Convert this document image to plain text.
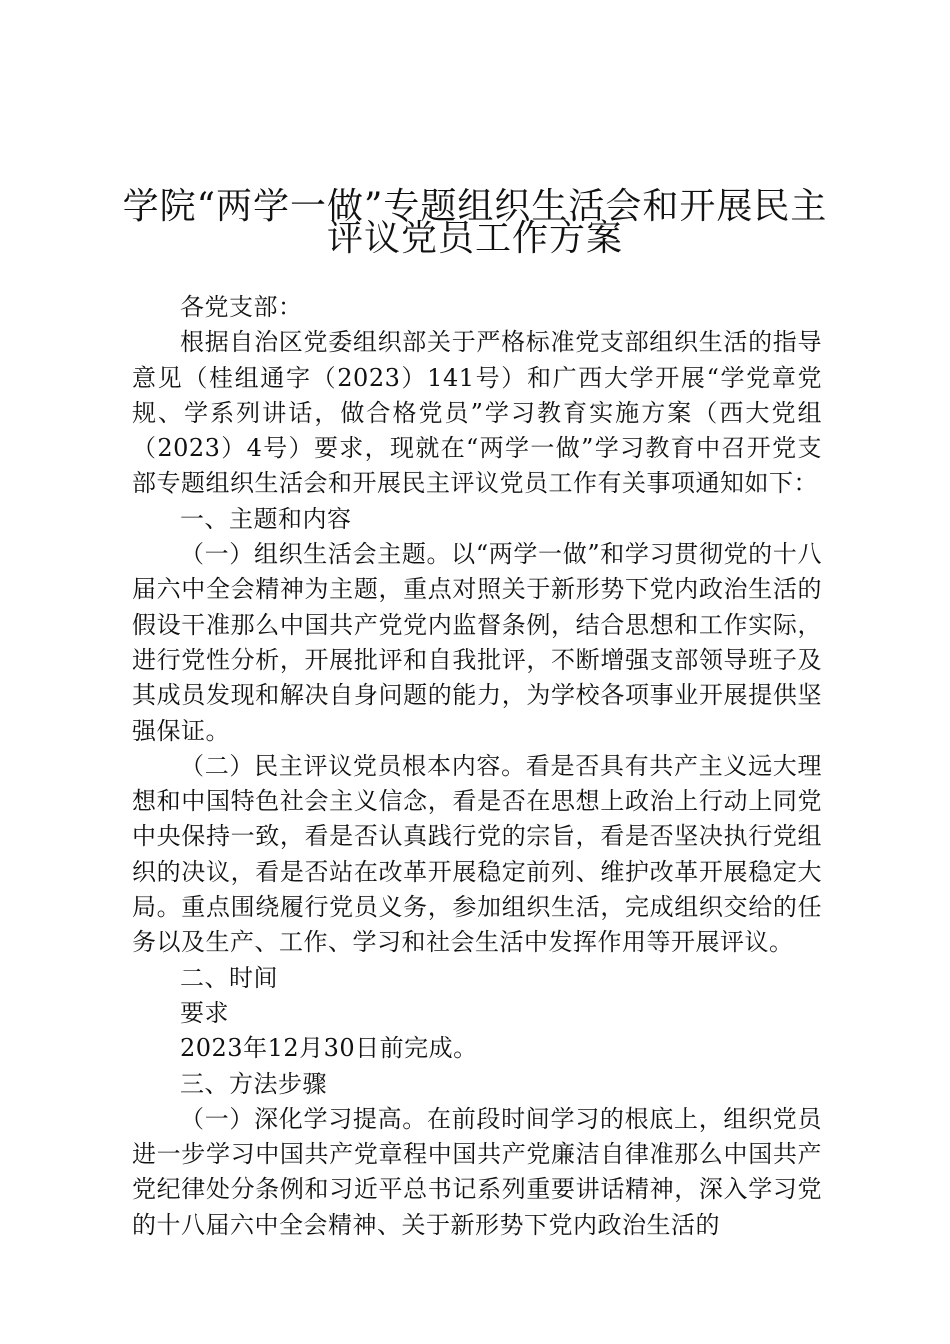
学院“两学一做”专题组织生活会和开展民主
评议党员工作方案

各党支部：

根据自治区党委组织部关于严格标准党支部组织生活的指导意见（桂组通字（2023）141号）和广西大学开展“学党章党规、学系列讲话，做合格党员”学习教育实施方案（西大党组（2023）4号）要求，现就在“两学一做”学习教育中召开党支部专题组织生活会和开展民主评议党员工作有关事项通知如下：

一、主题和内容

（一）组织生活会主题。以“两学一做”和学习贯彻党的十八届六中全会精神为主题，重点对照关于新形势下党内政治生活的假设干准那么中国共产党党内监督条例，结合思想和工作实际，进行党性分析，开展批评和自我批评，不断增强支部领导班子及其成员发现和解决自身问题的能力，为学校各项事业开展提供坚强保证。

（二）民主评议党员根本内容。看是否具有共产主义远大理想和中国特色社会主义信念，看是否在思想上政治上行动上同党中央保持一致，看是否认真践行党的宗旨，看是否坚决执行党组织的决议，看是否站在改革开展稳定前列、维护改革开展稳定大局。重点围绕履行党员义务，参加组织生活，完成组织交给的任务以及生产、工作、学习和社会生活中发挥作用等开展评议。

二、时间

要求

2023年12月30日前完成。

三、方法步骤

（一）深化学习提高。在前段时间学习的根底上，组织党员进一步学习中国共产党章程中国共产党廉洁自律准那么中国共产党纪律处分条例和习近平总书记系列重要讲话精神，深入学习党的十八届六中全会精神、关于新形势下党内政治生活的
